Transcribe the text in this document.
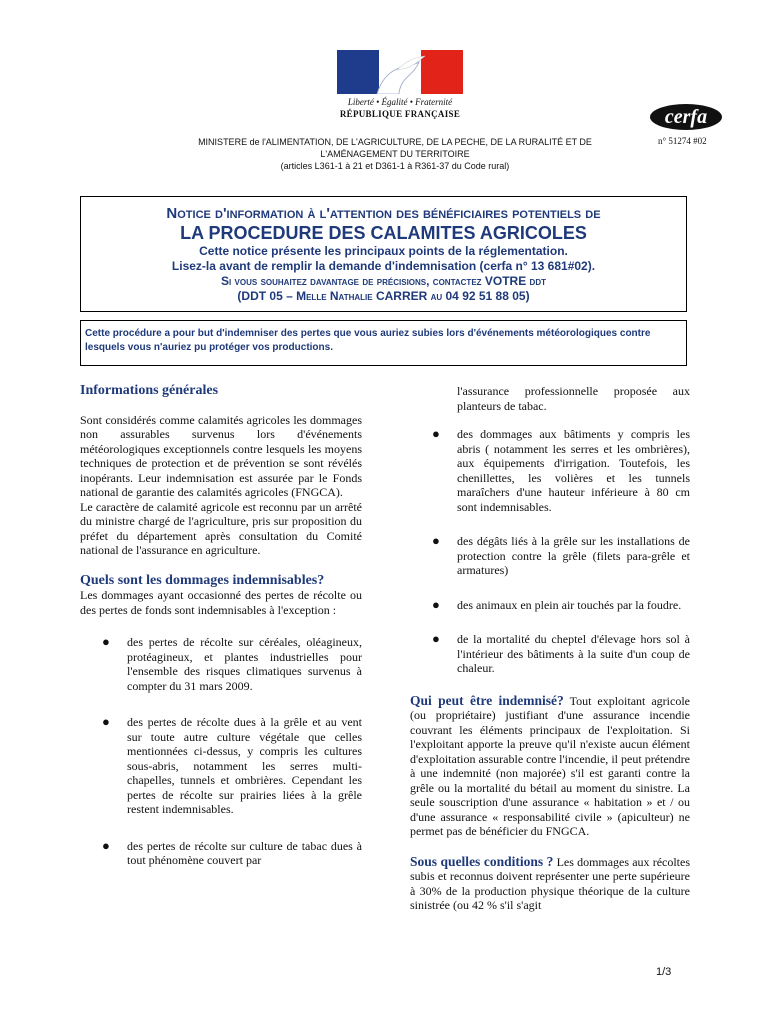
Liberté • Égalité • Fraternité
RÉPUBLIQUE FRANÇAISE	cerfa
n° 51274 #02
MINISTERE de l'ALIMENTATION, DE L'AGRICULTURE, DE LA PECHE, DE LA RURALITÉ ET DE
L'AMÉNAGEMENT DU TERRITOIRE
(articles L361-1 à 21 et D361-1 à R361-37 du Code rural)
Notice d'information à l'attention des bénéficiaires potentiels de
LA PROCEDURE DES CALAMITES AGRICOLES
Cette notice présente les principaux points de la réglementation.
Lisez-la avant de remplir la demande d'indemnisation (cerfa n° 13 681#02).
Si vous souhaitez davantage de précisions, contactez VOTRE ddt
(DDT 05 – Melle Nathalie CARRER au 04 92 51 88 05)
Cette procédure a pour but d'indemniser des pertes que vous auriez subies lors d'événements météorologiques contre lesquels vous n'auriez pu protéger vos productions.
Informations générales
Sont considérés comme calamités agricoles les dommages non assurables survenus lors d'événements météorologiques exceptionnels contre lesquels les moyens techniques de protection et de prévention se sont révélés inopérants. Leur indemnisation est assurée par le Fonds national de garantie des calamités agricoles (FNGCA).
Le caractère de calamité agricole est reconnu par un arrêté du ministre chargé de l'agriculture, pris sur proposition du préfet du département après consultation du Comité national de l'assurance en agriculture.
Quels sont les dommages indemnisables?
Les dommages ayant occasionné des pertes de récolte ou des pertes de fonds sont indemnisables à l'exception :
● des pertes de récolte sur céréales, oléagineux, protéagineux, et plantes industrielles pour l'ensemble des risques climatiques survenus à compter du 31 mars 2009.
● des pertes de récolte dues à la grêle et au vent sur toute autre culture végétale que celles mentionnées ci-dessus, y compris les cultures sous-abris, notamment les serres multi-chapelles, tunnels et ombrières. Cependant les pertes de récolte sur prairies liées à la grêle restent indemnisables.
● des pertes de récolte sur culture de tabac dues à tout phénomène couvert par
l'assurance professionnelle proposée aux planteurs de tabac.
● des dommages aux bâtiments y compris les abris ( notamment les serres et les ombrières), aux équipements d'irrigation. Toutefois, les chenillettes, les volières et les tunnels maraîchers d'une hauteur inférieure à 80 cm sont indemnisables.
● des dégâts liés à la grêle sur les installations de protection contre la grêle (filets para-grêle et armatures)
● des animaux en plein air touchés par la foudre.
● de la mortalité du cheptel d'élevage hors sol à l'intérieur des bâtiments à la suite d'un coup de chaleur.
Qui peut être indemnisé? Tout exploitant agricole (ou propriétaire) justifiant d'une assurance incendie couvrant les éléments principaux de l'exploitation. Si l'exploitant apporte la preuve qu'il n'existe aucun élément d'exploitation assurable contre l'incendie, il peut prétendre à une indemnité (non majorée) s'il est garanti contre la grêle ou la mortalité du bétail au moment du sinistre. La seule souscription d'une assurance « habitation » et / ou d'une assurance « responsabilité civile » (apiculteur) ne permet pas de bénéficier du FNGCA.
Sous quelles conditions ? Les dommages aux récoltes subis et reconnus doivent représenter une perte supérieure à 30% de la production physique théorique de la culture sinistrée (ou 42 % s'il s'agit
1/3
